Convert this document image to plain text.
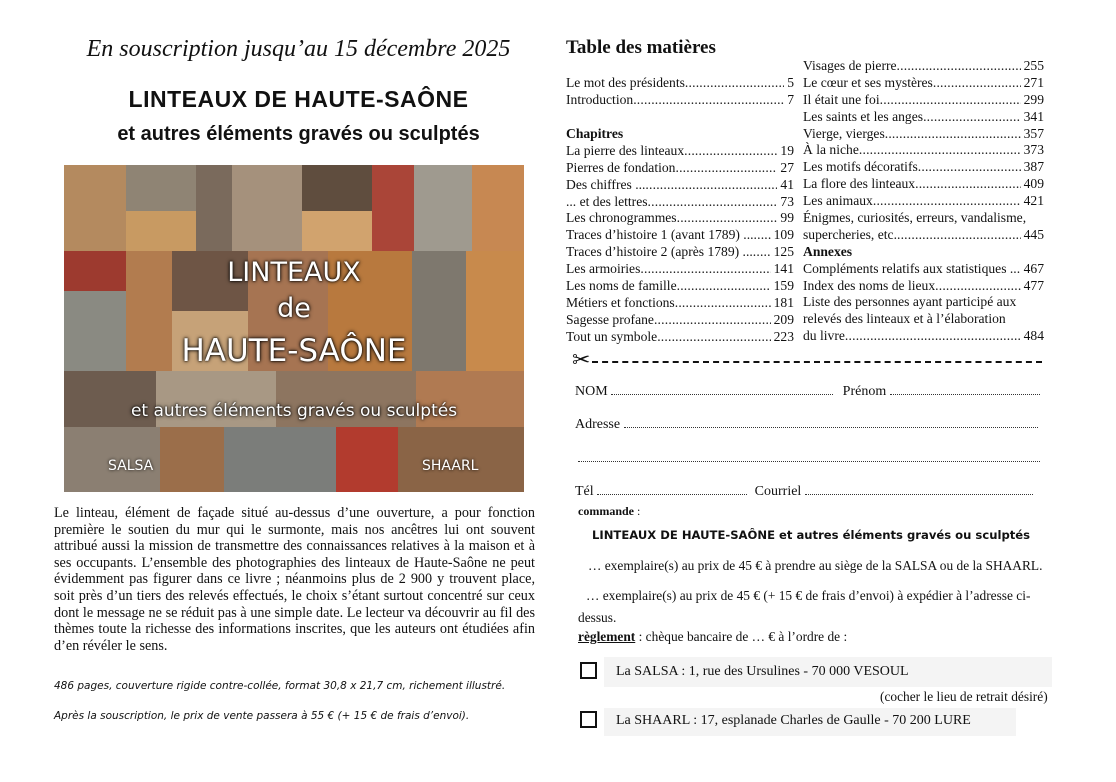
En souscription jusqu’au 15 décembre 2025
LINTEAUX DE HAUTE-SAÔNE
et autres éléments gravés ou sculptés
LINTEAUX
de
HAUTE-SAÔNE
et autres éléments gravés ou sculptés
SALSA	SHAARL

Le linteau, élément de façade situé au-dessus d’une ouverture, a pour fonction première le soutien du mur qui le surmonte, mais nos ancêtres lui ont souvent attribué aussi la mission de transmettre des connaissances relatives à la maison et à ses occupants. L’ensemble des photographies des linteaux de Haute-Saône ne peut évidemment pas figurer dans ce livre ; néanmoins plus de 2 900 y trouvent place, soit près d’un tiers des relevés effectués, le choix s’étant surtout concentré sur ceux dont le message ne se réduit pas à une simple date. Le lecteur va découvrir au fil des thèmes toute la richesse des informations inscrites, que les auteurs ont étudiées afin d’en révéler le sens.

486 pages, couverture rigide contre-collée, format 30,8 x 21,7 cm, richement illustré.
Après la souscription, le prix de vente passera à 55 € (+ 15 € de frais d’envoi).
Table des matières
Le mot des présidents . . .	5
Introduction . . .	7
Chapitres
La pierre des linteaux . . .	19
Pierres de fondation . . .	27
Des chiffres ... . . .	41
... et des lettres . . .	73
Les chronogrammes . . .	99
Traces d’histoire 1 (avant 1789) ... . . . 109
Traces d’histoire 2 (après 1789) ... . . . 125
Les armoiries . . .	141
Les noms de famille . . .	159
Métiers et fonctions . . .	181
Sagesse profane . . .	209
Tout un symbole . . .	223
Visages de pierre . . .	255
Le cœur et ses mystères . . .	271
Il était une foi . . .	299
Les saints et les anges . . .	341
Vierge, vierges . . .	357
À la niche . . .	373
Les motifs décoratifs . . .	387
La flore des linteaux . . .	409
Les animaux . . .	421
Énigmes, curiosités, erreurs, vandalisme,
supercheries, etc. . . .	445
Annexes
Compléments relatifs aux statistiques .. . . . 467
Index des noms de lieux . . .	477
Liste des personnes ayant participé aux
relevés des linteaux et à l’élaboration
du livre . . .	484
✂
NOM	Prénom
Adresse
Tél	Courriel
commande :
LINTEAUX DE HAUTE-SAÔNE et autres éléments gravés ou sculptés
… exemplaire(s) au prix de 45 € à prendre au siège de la SALSA ou de la SHAARL.
… exemplaire(s) au prix de 45 € (+ 15 € de frais d’envoi) à expédier à l’adresse ci-
dessus.
règlement : chèque bancaire de … € à l’ordre de :
La SALSA : 1, rue des Ursulines - 70 000 VESOUL
(cocher le lieu de retrait désiré)
La SHAARL : 17, esplanade Charles de Gaulle - 70 200 LURE
